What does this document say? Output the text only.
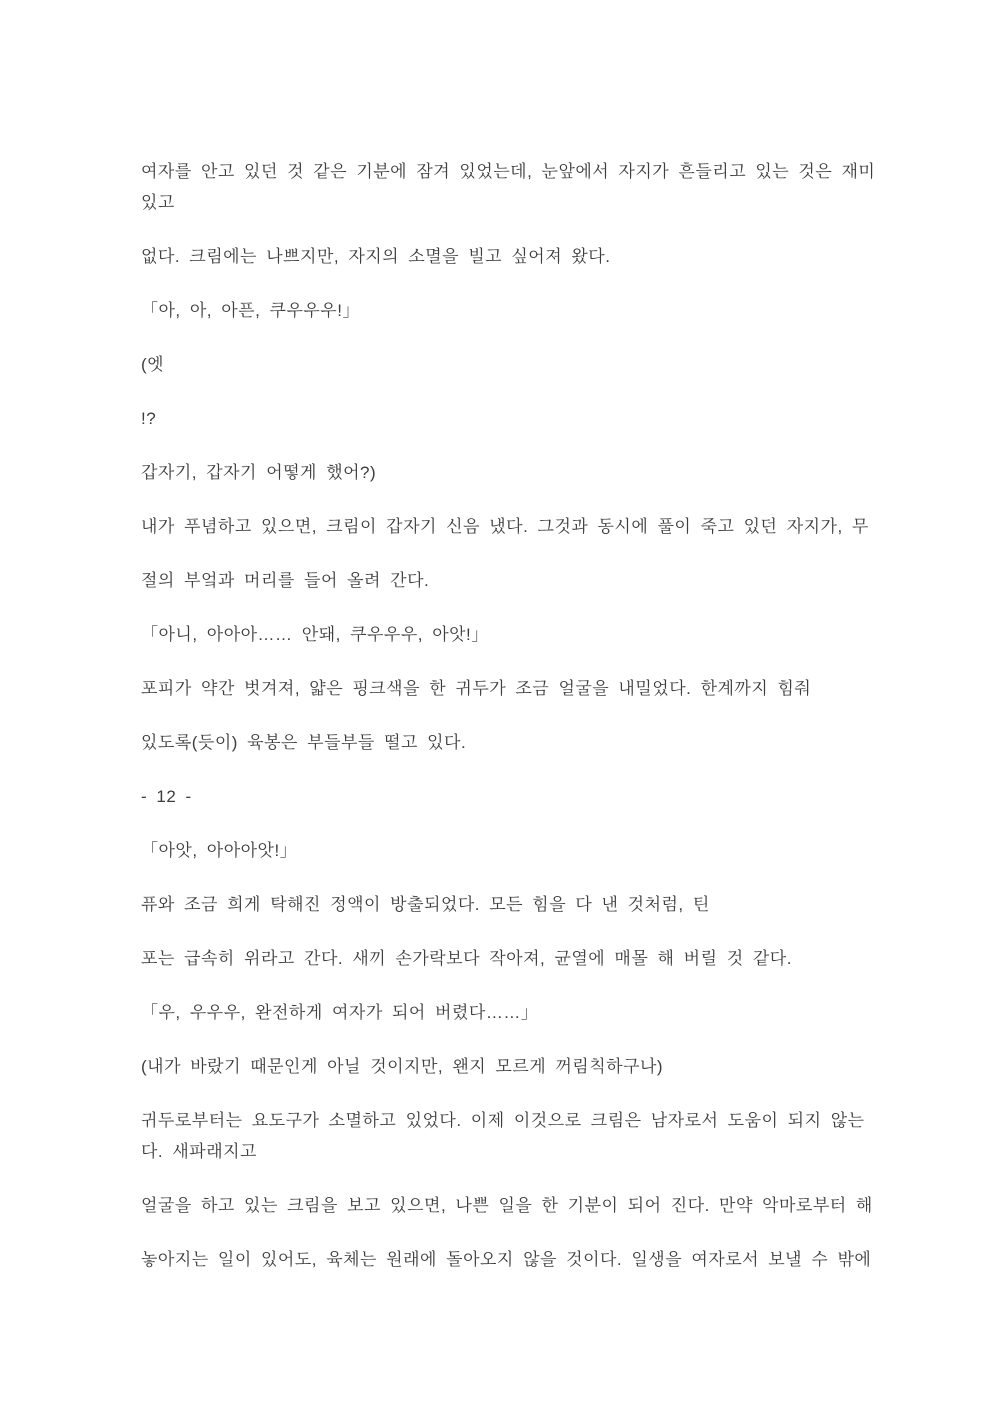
여자를 안고 있던 것 같은 기분에 잠겨 있었는데, 눈앞에서 자지가 흔들리고 있는 것은 재미
있고

없다. 크림에는 나쁘지만, 자지의 소멸을 빌고 싶어져 왔다.

「아, 아, 아픈, 쿠우우우!」

(엣

!?

갑자기, 갑자기 어떻게 했어?)

내가 푸념하고 있으면, 크림이 갑자기 신음 냈다. 그것과 동시에 풀이 죽고 있던 자지가, 무

절의 부엌과 머리를 들어 올려 간다.

「아니, 아아아…… 안돼, 쿠우우우, 아앗!」

포피가 약간 벗겨져, 얇은 핑크색을 한 귀두가 조금 얼굴을 내밀었다. 한계까지 힘줘

있도록(듯이) 육봉은 부들부들 떨고 있다.

- 12 -

「아앗, 아아아앗!」

퓨와 조금 희게 탁해진 정액이 방출되었다. 모든 힘을 다 낸 것처럼, 틴

포는 급속히 위라고 간다. 새끼 손가락보다 작아져, 균열에 매몰 해 버릴 것 같다.

「우, 우우우, 완전하게 여자가 되어 버렸다……」

(내가 바랐기 때문인게 아닐 것이지만, 왠지 모르게 꺼림칙하구나)

귀두로부터는 요도구가 소멸하고 있었다. 이제 이것으로 크림은 남자로서 도움이 되지 않는
다. 새파래지고

얼굴을 하고 있는 크림을 보고 있으면, 나쁜 일을 한 기분이 되어 진다. 만약 악마로부터 해

놓아지는 일이 있어도, 육체는 원래에 돌아오지 않을 것이다. 일생을 여자로서 보낼 수 밖에
